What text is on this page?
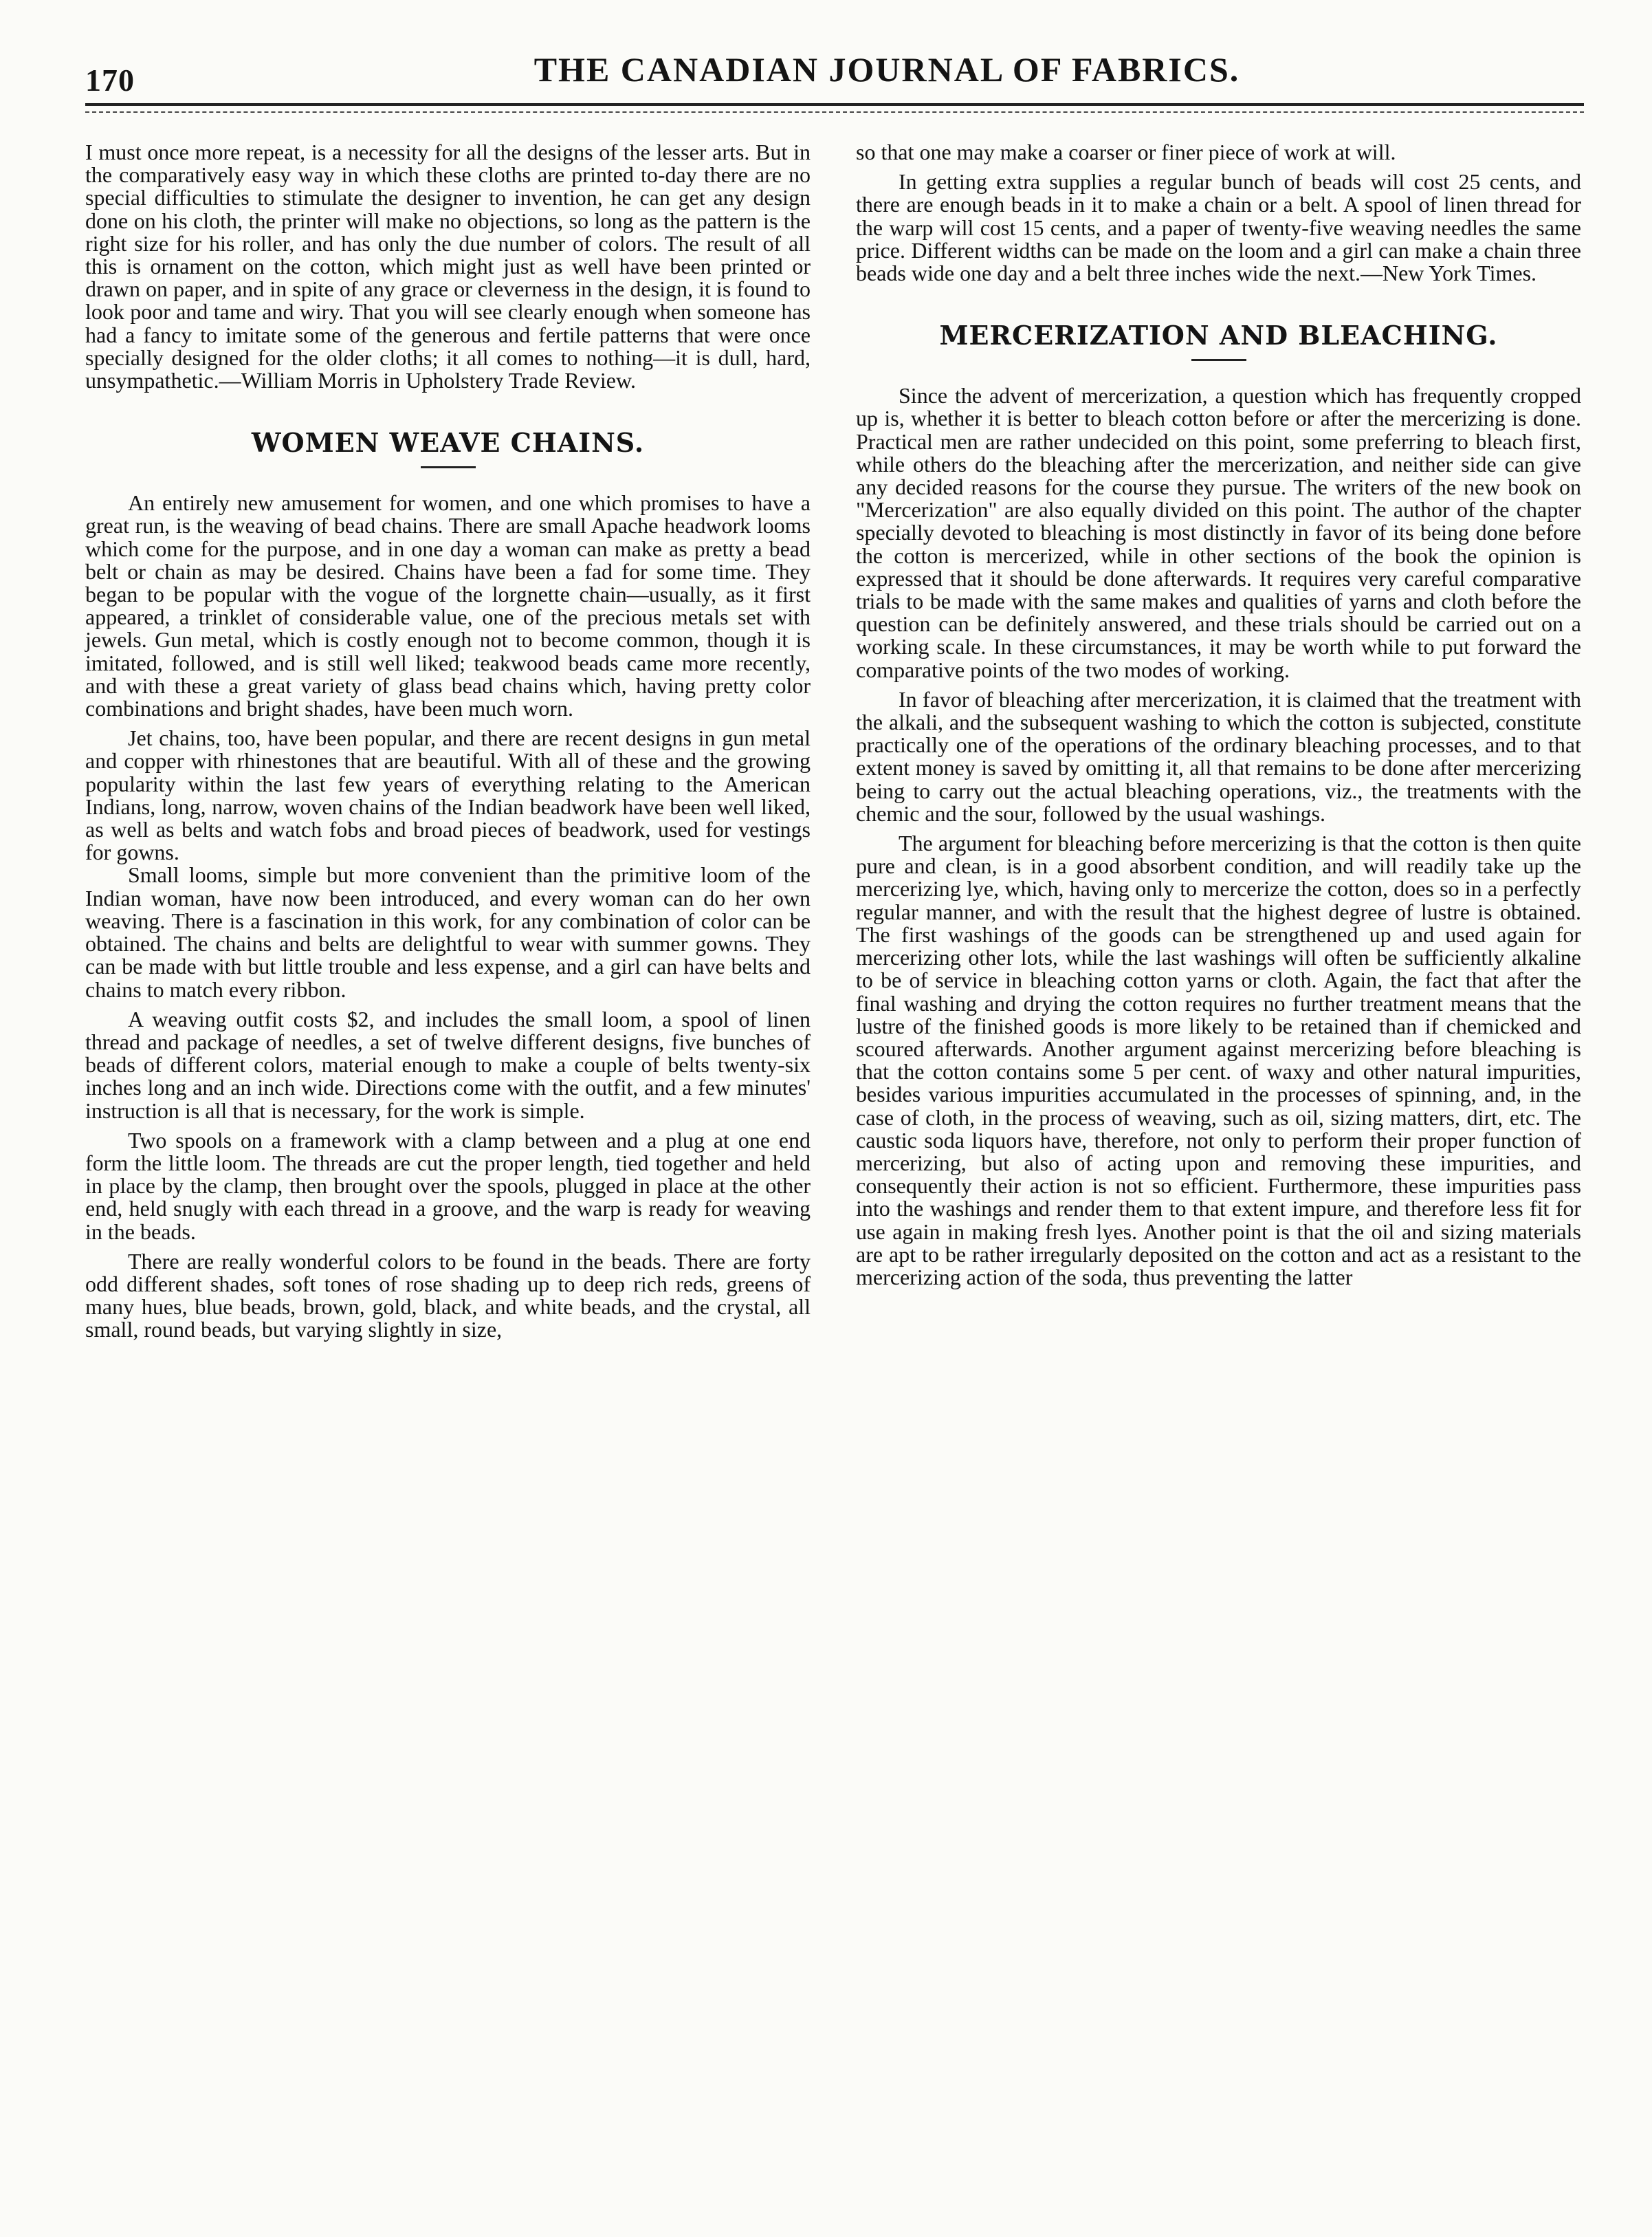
170	THE CANADIAN JOURNAL OF FABRICS.

I must once more repeat, is a necessity for all the designs of the lesser arts. But in the comparatively easy way in which these cloths are printed to-day there are no special difficulties to stimulate the designer to invention, he can get any design done on his cloth, the printer will make no objections, so long as the pattern is the right size for his roller, and has only the due number of colors. The result of all this is ornament on the cotton, which might just as well have been printed or drawn on paper, and in spite of any grace or cleverness in the design, it is found to look poor and tame and wiry. That you will see clearly enough when someone has had a fancy to imitate some of the generous and fertile patterns that were once specially designed for the older cloths; it all comes to nothing—it is dull, hard, unsympathetic.—William Morris in Upholstery Trade Review.

WOMEN WEAVE CHAINS.

An entirely new amusement for women, and one which promises to have a great run, is the weaving of bead chains. There are small Apache headwork looms which come for the purpose, and in one day a woman can make as pretty a bead belt or chain as may be desired. Chains have been a fad for some time. They began to be popular with the vogue of the lorgnette chain—usually, as it first appeared, a trinklet of considerable value, one of the precious metals set with jewels. Gun metal, which is costly enough not to become common, though it is imitated, followed, and is still well liked; teakwood beads came more recently, and with these a great variety of glass bead chains which, having pretty color combinations and bright shades, have been much worn.

Jet chains, too, have been popular, and there are recent designs in gun metal and copper with rhinestones that are beautiful. With all of these and the growing popularity within the last few years of everything relating to the American Indians, long, narrow, woven chains of the Indian beadwork have been well liked, as well as belts and watch fobs and broad pieces of beadwork, used for vestings for gowns.

Small looms, simple but more convenient than the primitive loom of the Indian woman, have now been introduced, and every woman can do her own weaving. There is a fascination in this work, for any combination of color can be obtained. The chains and belts are delightful to wear with summer gowns. They can be made with but little trouble and less expense, and a girl can have belts and chains to match every ribbon.

A weaving outfit costs $2, and includes the small loom, a spool of linen thread and package of needles, a set of twelve different designs, five bunches of beads of different colors, material enough to make a couple of belts twenty-six inches long and an inch wide. Directions come with the outfit, and a few minutes' instruction is all that is necessary, for the work is simple.

Two spools on a framework with a clamp between and a plug at one end form the little loom. The threads are cut the proper length, tied together and held in place by the clamp, then brought over the spools, plugged in place at the other end, held snugly with each thread in a groove, and the warp is ready for weaving in the beads.

There are really wonderful colors to be found in the beads. There are forty odd different shades, soft tones of rose shading up to deep rich reds, greens of many hues, blue beads, brown, gold, black, and white beads, and the crystal, all small, round beads, but varying slightly in size,

so that one may make a coarser or finer piece of work at will.

In getting extra supplies a regular bunch of beads will cost 25 cents, and there are enough beads in it to make a chain or a belt. A spool of linen thread for the warp will cost 15 cents, and a paper of twenty-five weaving needles the same price. Different widths can be made on the loom and a girl can make a chain three beads wide one day and a belt three inches wide the next.—New York Times.

MERCERIZATION AND BLEACHING.

Since the advent of mercerization, a question which has frequently cropped up is, whether it is better to bleach cotton before or after the mercerizing is done. Practical men are rather undecided on this point, some preferring to bleach first, while others do the bleaching after the mercerization, and neither side can give any decided reasons for the course they pursue. The writers of the new book on "Mercerization" are also equally divided on this point. The author of the chapter specially devoted to bleaching is most distinctly in favor of its being done before the cotton is mercerized, while in other sections of the book the opinion is expressed that it should be done afterwards. It requires very careful comparative trials to be made with the same makes and qualities of yarns and cloth before the question can be definitely answered, and these trials should be carried out on a working scale. In these circumstances, it may be worth while to put forward the comparative points of the two modes of working.

In favor of bleaching after mercerization, it is claimed that the treatment with the alkali, and the subsequent washing to which the cotton is subjected, constitute practically one of the operations of the ordinary bleaching processes, and to that extent money is saved by omitting it, all that remains to be done after mercerizing being to carry out the actual bleaching operations, viz., the treatments with the chemic and the sour, followed by the usual washings.

The argument for bleaching before mercerizing is that the cotton is then quite pure and clean, is in a good absorbent condition, and will readily take up the mercerizing lye, which, having only to mercerize the cotton, does so in a perfectly regular manner, and with the result that the highest degree of lustre is obtained. The first washings of the goods can be strengthened up and used again for mercerizing other lots, while the last washings will often be sufficiently alkaline to be of service in bleaching cotton yarns or cloth. Again, the fact that after the final washing and drying the cotton requires no further treatment means that the lustre of the finished goods is more likely to be retained than if chemicked and scoured afterwards. Another argument against mercerizing before bleaching is that the cotton contains some 5 per cent. of waxy and other natural impurities, besides various impurities accumulated in the processes of spinning, and, in the case of cloth, in the process of weaving, such as oil, sizing matters, dirt, etc. The caustic soda liquors have, therefore, not only to perform their proper function of mercerizing, but also of acting upon and removing these impurities, and consequently their action is not so efficient. Furthermore, these impurities pass into the washings and render them to that extent impure, and therefore less fit for use again in making fresh lyes. Another point is that the oil and sizing materials are apt to be rather irregularly deposited on the cotton and act as a resistant to the mercerizing action of the soda, thus preventing the latter
